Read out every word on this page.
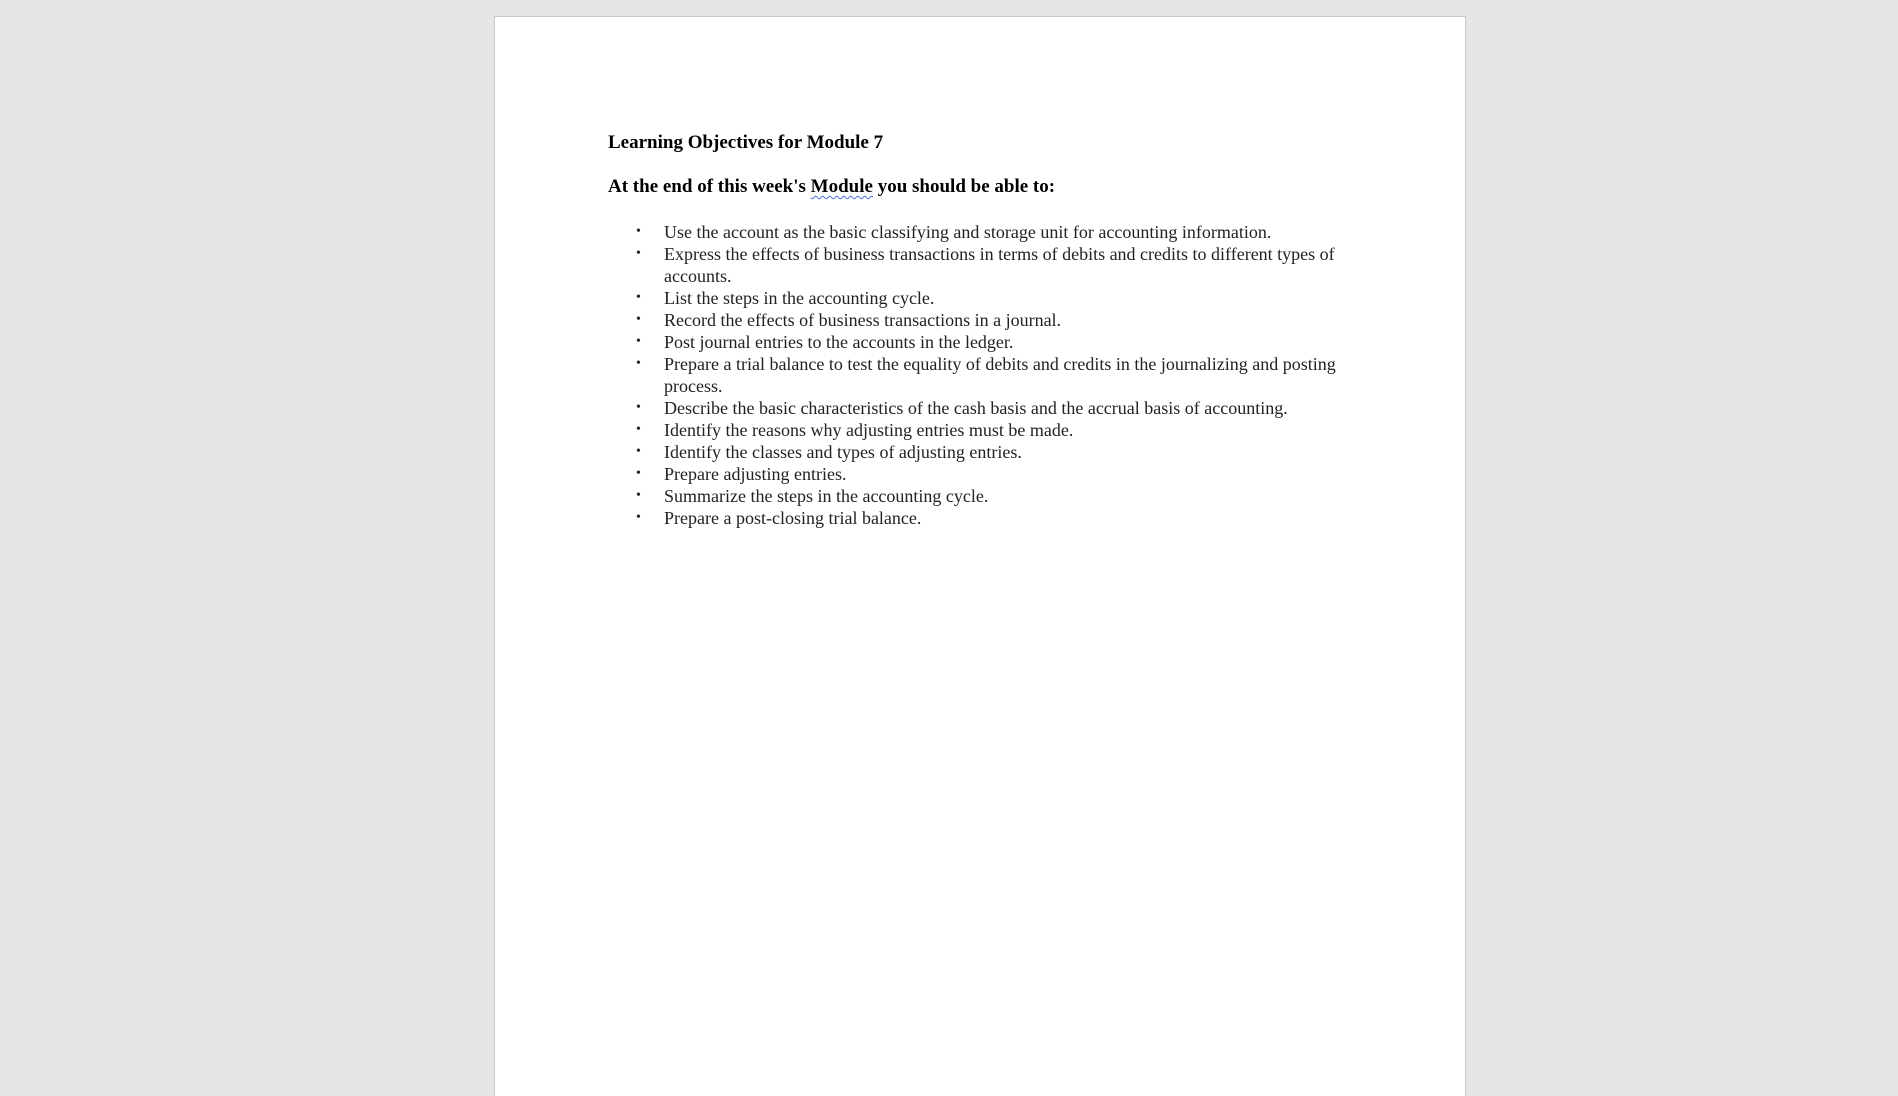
Learning Objectives for Module 7

At the end of this week's Module you should be able to:

• Use the account as the basic classifying and storage unit for accounting information.
• Express the effects of business transactions in terms of debits and credits to different types of accounts.
• List the steps in the accounting cycle.
• Record the effects of business transactions in a journal.
• Post journal entries to the accounts in the ledger.
• Prepare a trial balance to test the equality of debits and credits in the journalizing and posting process.
• Describe the basic characteristics of the cash basis and the accrual basis of accounting.
• Identify the reasons why adjusting entries must be made.
• Identify the classes and types of adjusting entries.
• Prepare adjusting entries.
• Summarize the steps in the accounting cycle.
• Prepare a post-closing trial balance.
